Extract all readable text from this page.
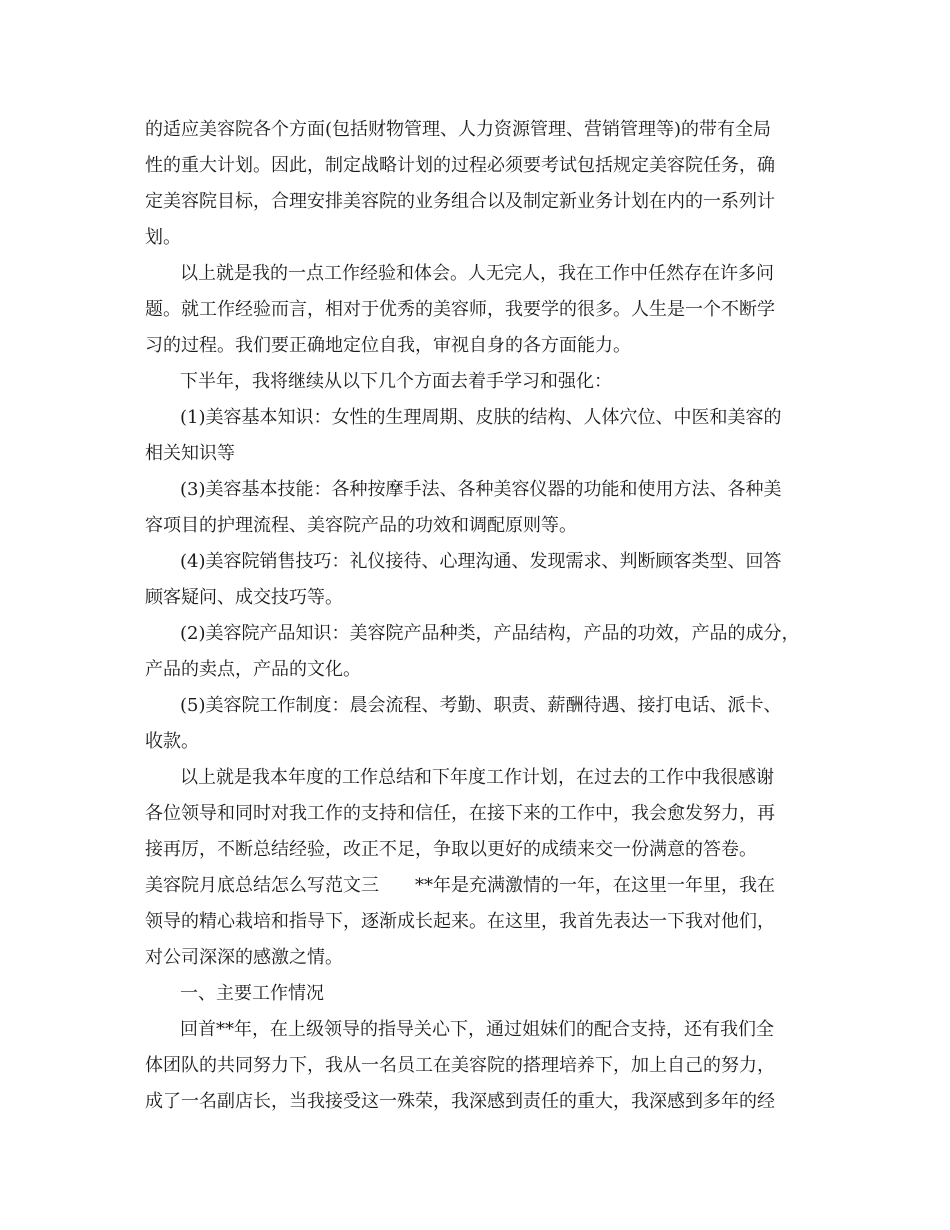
的适应美容院各个方面(包括财物管理、人力资源管理、营销管理等)的带有全局
性的重大计划。因此，制定战略计划的过程必须要考试包括规定美容院任务，确
定美容院目标，合理安排美容院的业务组合以及制定新业务计划在内的一系列计
划。
以上就是我的一点工作经验和体会。人无完人，我在工作中任然存在许多问
题。就工作经验而言，相对于优秀的美容师，我要学的很多。人生是一个不断学
习的过程。我们要正确地定位自我，审视自身的各方面能力。
下半年，我将继续从以下几个方面去着手学习和强化：
(1)美容基本知识：女性的生理周期、皮肤的结构、人体穴位、中医和美容的
相关知识等
(3)美容基本技能：各种按摩手法、各种美容仪器的功能和使用方法、各种美
容项目的护理流程、美容院产品的功效和调配原则等。
(4)美容院销售技巧：礼仪接待、心理沟通、发现需求、判断顾客类型、回答
顾客疑问、成交技巧等。
(2)美容院产品知识：美容院产品种类，产品结构，产品的功效，产品的成分，
产品的卖点，产品的文化。
(5)美容院工作制度：晨会流程、考勤、职责、薪酬待遇、接打电话、派卡、
收款。
以上就是我本年度的工作总结和下年度工作计划，在过去的工作中我很感谢
各位领导和同时对我工作的支持和信任，在接下来的工作中，我会愈发努力，再
接再厉，不断总结经验，改正不足，争取以更好的成绩来交一份满意的答卷。
美容院月底总结怎么写范文三　　**年是充满激情的一年，在这里一年里，我在
领导的精心栽培和指导下，逐渐成长起来。在这里，我首先表达一下我对他们，
对公司深深的感激之情。
一、主要工作情况
回首**年，在上级领导的指导关心下，通过姐妹们的配合支持，还有我们全
体团队的共同努力下，我从一名员工在美容院的搭理培养下，加上自己的努力，
成了一名副店长，当我接受这一殊荣，我深感到责任的重大，我深感到多年的经
